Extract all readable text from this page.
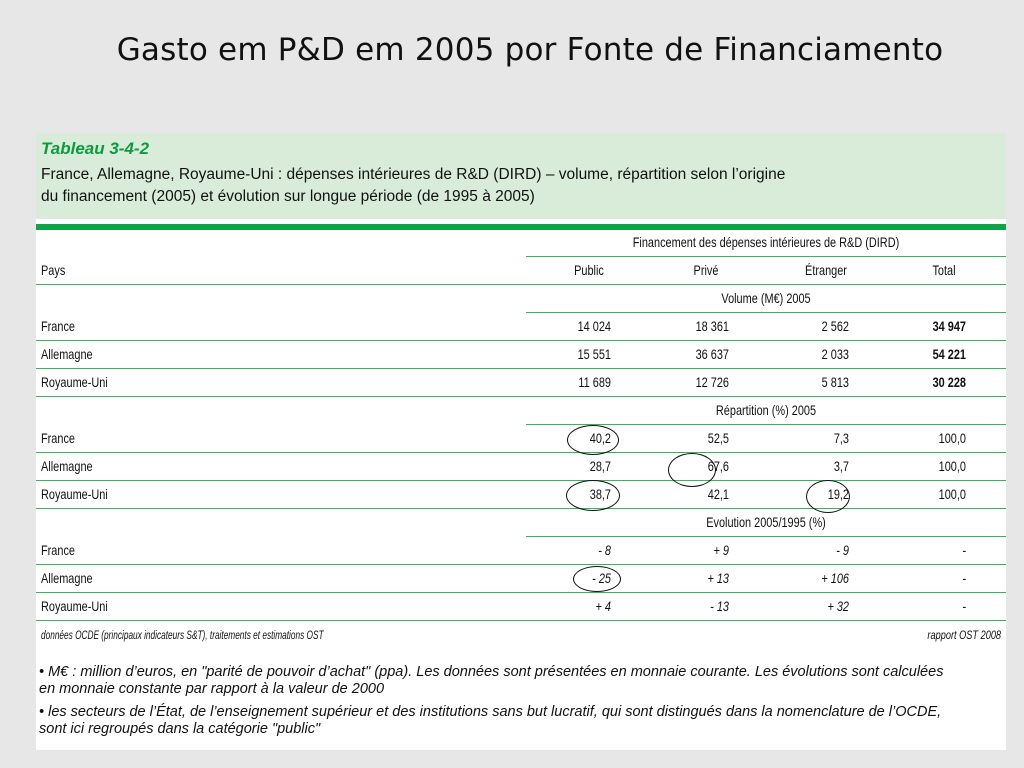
Gasto em P&D em 2005 por Fonte de Financiamento
Tableau 3-4-2
France, Allemagne, Royaume-Uni : dépenses intérieures de R&D (DIRD) – volume, répartition selon l’origine
du financement (2005) et évolution sur longue période (de 1995 à 2005)
Financement des dépenses intérieures de R&D (DIRD)
Pays	Public	Privé	Étranger	Total
Volume (M€) 2005
France	14 024	18 361	2 562	34 947
Allemagne	15 551	36 637	2 033	54 221
Royaume-Uni	11 689	12 726	5 813	30 228
Répartition (%) 2005
France	40,2	52,5	7,3	100,0
Allemagne	28,7	67,6	3,7	100,0
Royaume-Uni	38,7	42,1	19,2	100,0
Evolution 2005/1995 (%)
France	- 8	+ 9	- 9	-
Allemagne	- 25	+ 13	+ 106	-
Royaume-Uni	+ 4	- 13	+ 32	-
données OCDE (principaux indicateurs S&T), traitements et estimations OST	rapport OST 2008
• M€ : million d’euros, en "parité de pouvoir d’achat" (ppa). Les données sont présentées en monnaie courante. Les évolutions sont calculées
en monnaie constante par rapport à la valeur de 2000
• les secteurs de l’État, de l’enseignement supérieur et des institutions sans but lucratif, qui sont distingués dans la nomenclature de l’OCDE,
sont ici regroupés dans la catégorie "public"
